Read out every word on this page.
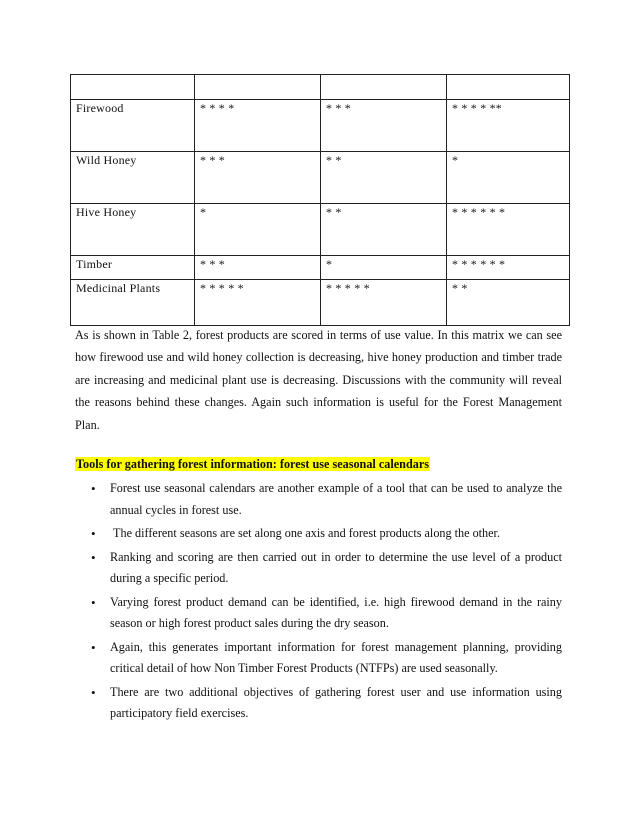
Firewood	* * * *	* * *	* * * * **
Wild Honey	* * *	* *	*
Hive Honey	*	* *	* * * * * *
Timber	* * *	*	* * * * * *
Medicinal Plants	* * * * *	* * * * *	* *

As is shown in Table 2, forest products are scored in terms of use value. In this matrix we can see how firewood use and wild honey collection is decreasing, hive honey production and timber trade are increasing and medicinal plant use is decreasing. Discussions with the community will reveal the reasons behind these changes. Again such information is useful for the Forest Management Plan.

Tools for gathering forest information: forest use seasonal calendars

• Forest use seasonal calendars are another example of a tool that can be used to analyze the annual cycles in forest use.
• The different seasons are set along one axis and forest products along the other.
• Ranking and scoring are then carried out in order to determine the use level of a product during a specific period.
• Varying forest product demand can be identified, i.e. high firewood demand in the rainy season or high forest product sales during the dry season.
• Again, this generates important information for forest management planning, providing critical detail of how Non Timber Forest Products (NTFPs) are used seasonally.
• There are two additional objectives of gathering forest user and use information using participatory field exercises.
